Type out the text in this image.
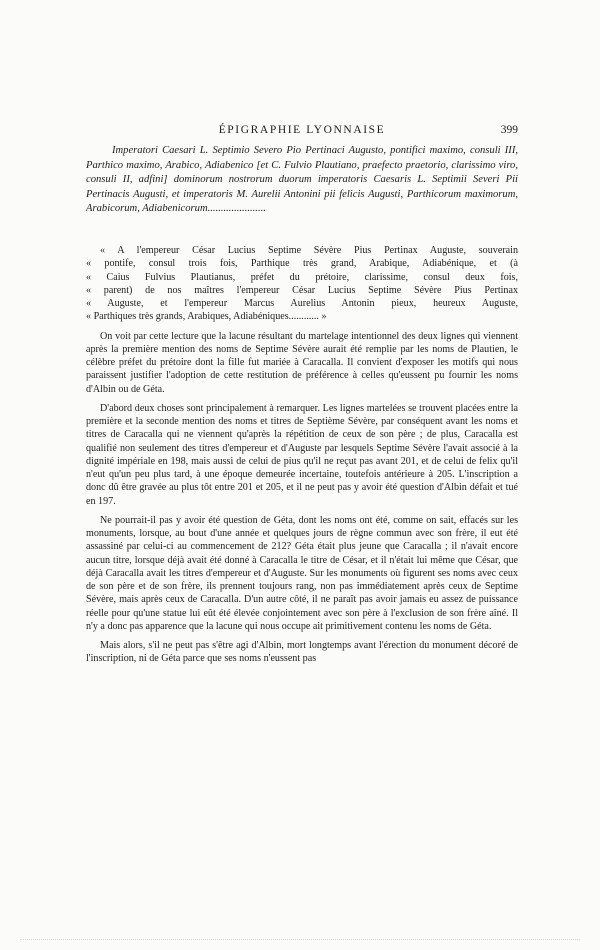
ÉPIGRAPHIE LYONNAISE	399

Imperatori Caesari L. Septimio Severo Pio Pertinaci Augusto, pontifici maximo, consuli III, Parthico maximo, Arabico, Adiabenico [et C. Fulvio Plautiano, praefecto praetorio, clarissimo viro, consuli II, adfini] dominorum nostrorum duorum imperatoris Caesaris L. Septimii Severi Pii Pertinacis Augusti, et imperatoris M. Aurelii Antonini pii felicis Augusti, Parthicorum maximorum, Arabicorum, Adiabenicorum......................

« A l'empereur César Lucius Septime Sévère Pius Pertinax Auguste, souverain
« pontife, consul trois fois, Parthique très grand, Arabique, Adiabénique, et (à
« Caius Fulvius Plautianus, préfet du prétoire, clarissime, consul deux fois,
« parent) de nos maîtres l'empereur César Lucius Septime Sévère Pius Pertinax
« Auguste, et l'empereur Marcus Aurelius Antonin pieux, heureux Auguste,
« Parthiques très grands, Arabiques, Adiabéniques............ »

On voit par cette lecture que la lacune résultant du martelage intentionnel des deux lignes qui viennent après la première mention des noms de Septime Sévère aurait été remplie par les noms de Plautien, le célèbre préfet du prétoire dont la fille fut mariée à Caracalla. Il convient d'exposer les motifs qui nous paraissent justifier l'adoption de cette restitution de préférence à celles qu'eussent pu fournir les noms d'Albin ou de Géta.

D'abord deux choses sont principalement à remarquer. Les lignes martelées se trouvent placées entre la première et la seconde mention des noms et titres de Septième Sévère, par conséquent avant les noms et titres de Caracalla qui ne viennent qu'après la répétition de ceux de son père ; de plus, Caracalla est qualifié non seulement des titres d'empereur et d'Auguste par lesquels Septime Sévère l'avait associé à la dignité impériale en 198, mais aussi de celui de pius qu'il ne reçut pas avant 201, et de celui de felix qu'il n'eut qu'un peu plus tard, à une époque demeurée incertaine, toutefois antérieure à 205. L'inscription a donc dû être gravée au plus tôt entre 201 et 205, et il ne peut pas y avoir été question d'Albin défait et tué en 197.

Ne pourrait-il pas y avoir été question de Géta, dont les noms ont été, comme on sait, effacés sur les monuments, lorsque, au bout d'une année et quelques jours de règne commun avec son frère, il eut été assassiné par celui-ci au commencement de 212? Géta était plus jeune que Caracalla ; il n'avait encore aucun titre, lorsque déjà avait été donné à Caracalla le titre de César, et il n'était lui même que César, que déjà Caracalla avait les titres d'empereur et d'Auguste. Sur les monuments où figurent ses noms avec ceux de son père et de son frère, ils prennent toujours rang, non pas immédiatement après ceux de Septime Sévère, mais après ceux de Caracalla. D'un autre côté, il ne paraît pas avoir jamais eu assez de puissance réelle pour qu'une statue lui eût été élevée conjointement avec son père à l'exclusion de son frère aîné. Il n'y a donc pas apparence que la lacune qui nous occupe ait primitivement contenu les noms de Géta.

Mais alors, s'il ne peut pas s'être agi d'Albin, mort longtemps avant l'érection du monument décoré de l'inscription, ni de Géta parce que ses noms n'eussent pas
